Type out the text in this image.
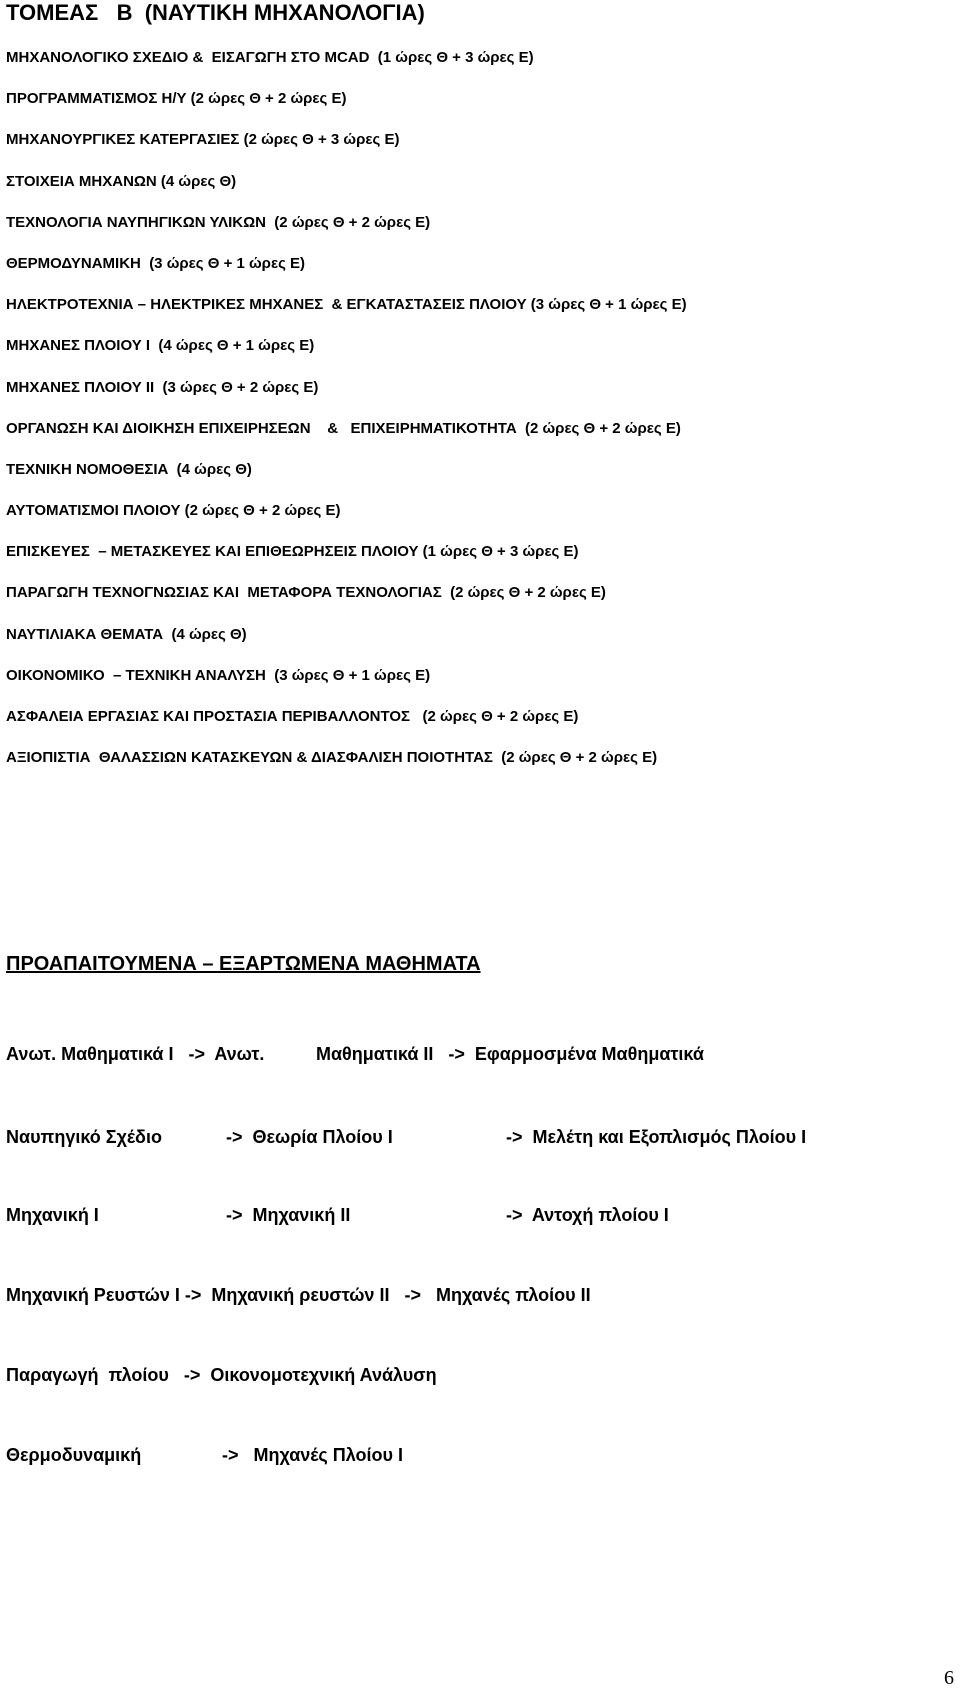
ΤΟΜΕΑΣ   Β  (ΝΑΥΤΙΚΗ ΜΗΧΑΝΟΛΟΓΙΑ)
ΜΗΧΑΝΟΛΟΓΙΚΟ ΣΧΕΔΙΟ &  ΕΙΣΑΓΩΓΗ ΣΤΟ MCAD  (1 ώρες Θ + 3 ώρες Ε)
ΠΡΟΓΡΑΜΜΑΤΙΣΜΟΣ Η/Υ (2 ώρες Θ + 2 ώρες Ε)
ΜΗΧΑΝΟΥΡΓΙΚΕΣ ΚΑΤΕΡΓΑΣΙΕΣ (2 ώρες Θ + 3 ώρες Ε)
ΣΤΟΙΧΕΙΑ ΜΗΧΑΝΩΝ (4 ώρες Θ)
ΤΕΧΝΟΛΟΓΙΑ ΝΑΥΠΗΓΙΚΩΝ ΥΛΙΚΩΝ  (2 ώρες Θ + 2 ώρες Ε)
ΘΕΡΜΟΔΥΝΑΜΙΚΗ  (3 ώρες Θ + 1 ώρες Ε)
ΗΛΕΚΤΡΟΤΕΧΝΙΑ – ΗΛΕΚΤΡΙΚΕΣ ΜΗΧΑΝΕΣ  & ΕΓΚΑΤΑΣΤΑΣΕΙΣ ΠΛΟΙΟΥ (3 ώρες Θ + 1 ώρες Ε)
ΜΗΧΑΝΕΣ ΠΛΟΙΟΥ Ι  (4 ώρες Θ + 1 ώρες Ε)
ΜΗΧΑΝΕΣ ΠΛΟΙΟΥ ΙΙ  (3 ώρες Θ + 2 ώρες Ε)
ΟΡΓΑΝΩΣΗ ΚΑΙ ΔΙΟΙΚΗΣΗ ΕΠΙΧΕΙΡΗΣΕΩΝ    &   ΕΠΙΧΕΙΡΗΜΑΤΙΚΟΤΗΤΑ  (2 ώρες Θ + 2 ώρες Ε)
ΤΕΧΝΙΚΗ ΝΟΜΟΘΕΣΙΑ  (4 ώρες Θ)
ΑΥΤΟΜΑΤΙΣΜΟΙ ΠΛΟΙΟΥ (2 ώρες Θ + 2 ώρες Ε)
ΕΠΙΣΚΕΥΕΣ  – ΜΕΤΑΣΚΕΥΕΣ ΚΑΙ ΕΠΙΘΕΩΡΗΣΕΙΣ ΠΛΟΙΟΥ (1 ώρες Θ + 3 ώρες Ε)
ΠΑΡΑΓΩΓΗ ΤΕΧΝΟΓΝΩΣΙΑΣ ΚΑΙ  ΜΕΤΑΦΟΡΑ ΤΕΧΝΟΛΟΓΙΑΣ  (2 ώρες Θ + 2 ώρες Ε)
ΝΑΥΤΙΛΙΑΚΑ ΘΕΜΑΤΑ  (4 ώρες Θ)
ΟΙΚΟΝΟΜΙΚΟ  – ΤΕΧΝΙΚΗ ΑΝΑΛΥΣΗ  (3 ώρες Θ + 1 ώρες Ε)
ΑΣΦΑΛΕΙΑ ΕΡΓΑΣΙΑΣ ΚΑΙ ΠΡΟΣΤΑΣΙΑ ΠΕΡΙΒΑΛΛΟΝΤΟΣ   (2 ώρες Θ + 2 ώρες Ε)
ΑΞΙΟΠΙΣΤΙΑ  ΘΑΛΑΣΣΙΩΝ ΚΑΤΑΣΚΕΥΩΝ & ΔΙΑΣΦΑΛΙΣΗ ΠΟΙΟΤΗΤΑΣ  (2 ώρες Θ + 2 ώρες Ε)
ΠΡΟΑΠΑΙΤΟΥΜΕΝΑ – ΕΞΑΡΤΩΜΕΝΑ ΜΑΘΗΜΑΤΑ

Ανωτ. Μαθηματικά Ι   ->  Ανωτ.

	Μαθηματικά ΙΙ   ->  Εφαρμοσμένα Μαθηματικά

Ναυπηγικό Σχέδιο

	->  Θεωρία Πλοίου Ι

	->  Μελέτη και Εξοπλισμός Πλοίου Ι

Μηχανική Ι

	->  Μηχανική ΙΙ

	->  Αντοχή πλοίου Ι

Μηχανική Ρευστών Ι ->  Μηχανική ρευστών ΙΙ   ->   Μηχανές πλοίου ΙΙ

Παραγωγή  πλοίου   ->  Οικονομοτεχνική Ανάλυση

Θερμοδυναμική

	->   Μηχανές Πλοίου Ι

6
